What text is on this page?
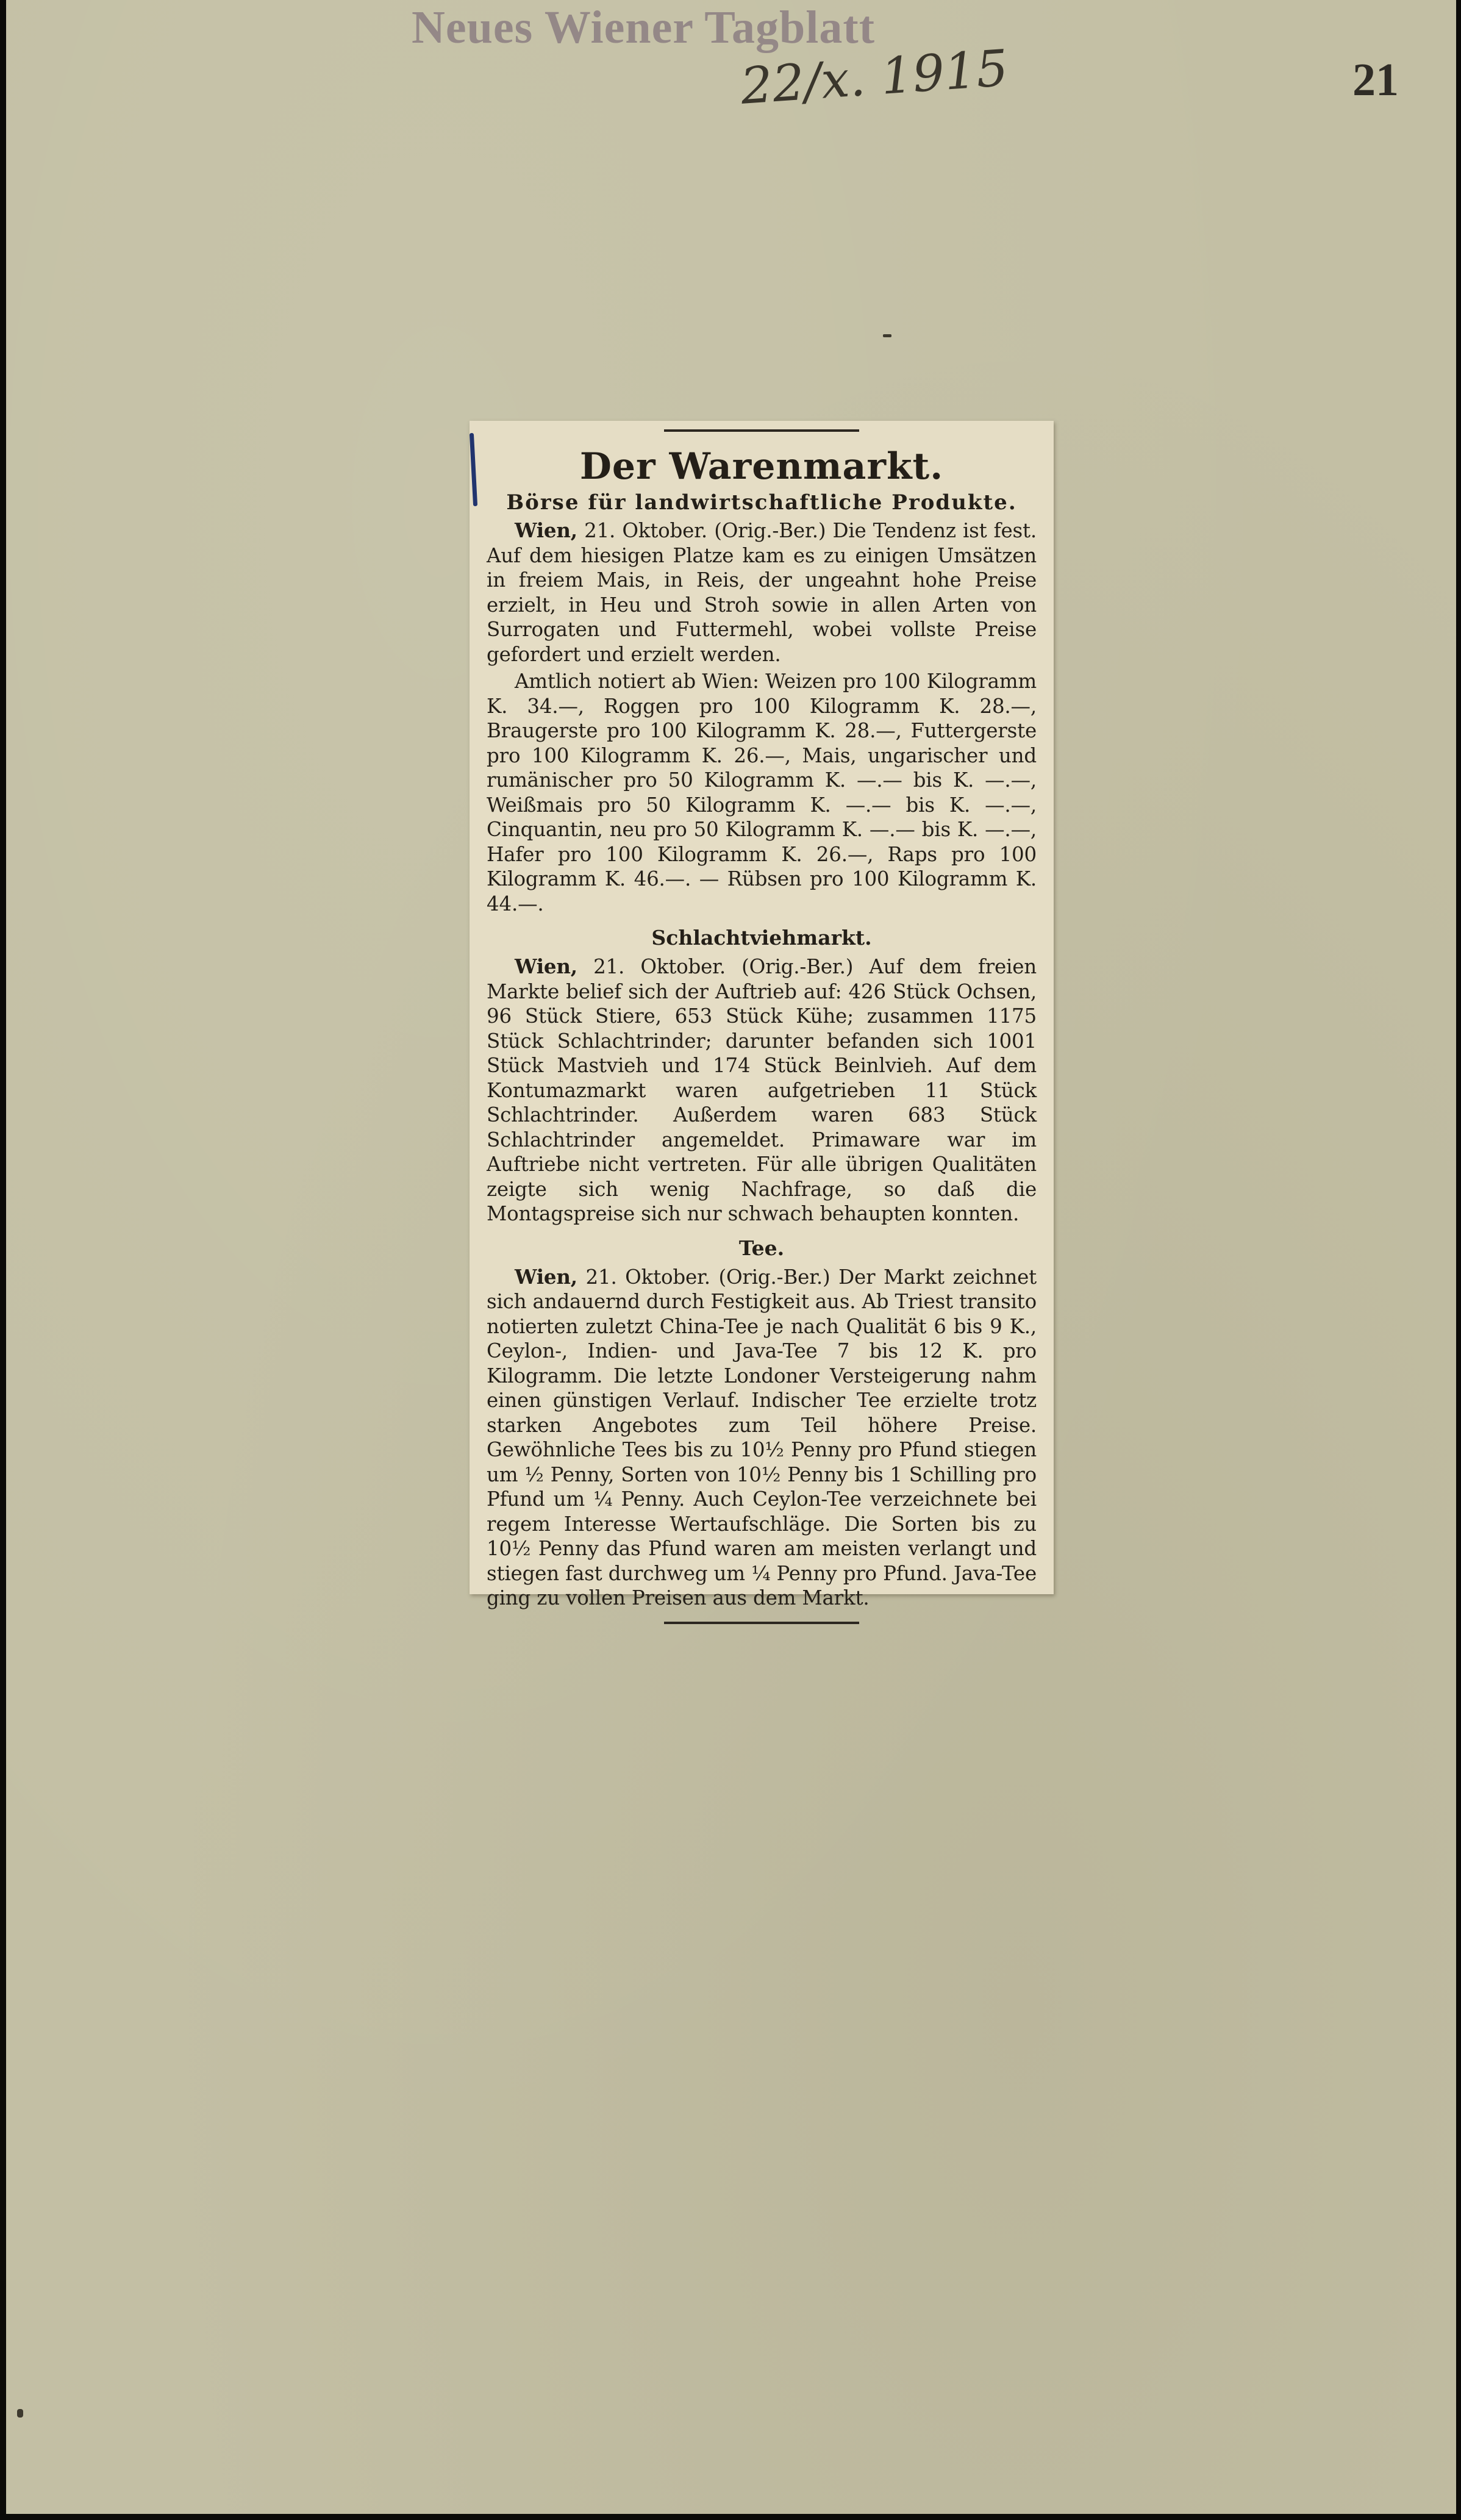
Neues Wiener Tagblatt
22/x. 1915	21
Der Warenmarkt.
Börse für landwirtschaftliche Produkte.

Wien, 21. Oktober. (Orig.-Ber.) Die Tendenz ist fest. Auf dem hiesigen Platze kam es zu einigen Umsätzen in freiem Mais, in Reis, der ungeahnt hohe Preise erzielt, in Heu und Stroh sowie in allen Arten von Surrogaten und Futtermehl, wobei vollste Preise gefordert und erzielt werden.

Amtlich notiert ab Wien: Weizen pro 100 Kilogramm K. 34.—, Roggen pro 100 Kilogramm K. 28.—, Braugerste pro 100 Kilogramm K. 28.—, Futtergerste pro 100 Kilogramm K. 26.—, Mais, ungarischer und rumänischer pro 50 Kilogramm K. —.— bis K. —.—, Weißmais pro 50 Kilogramm K. —.— bis K. —.—, Cinquantin, neu pro 50 Kilogramm K. —.— bis K. —.—, Hafer pro 100 Kilogramm K. 26.—, Raps pro 100 Kilogramm K. 46.—. — Rübsen pro 100 Kilogramm K. 44.—.

Schlachtviehmarkt.

Wien, 21. Oktober. (Orig.-Ber.) Auf dem freien Markte belief sich der Auftrieb auf: 426 Stück Ochsen, 96 Stück Stiere, 653 Stück Kühe; zusammen 1175 Stück Schlachtrinder; darunter befanden sich 1001 Stück Mastvieh und 174 Stück Beinlvieh. Auf dem Kontumazmarkt waren aufgetrieben 11 Stück Schlachtrinder. Außerdem waren 683 Stück Schlachtrinder angemeldet. Primaware war im Auftriebe nicht vertreten. Für alle übrigen Qualitäten zeigte sich wenig Nachfrage, so daß die Montagspreise sich nur schwach behaupten konnten.

Tee.

Wien, 21. Oktober. (Orig.-Ber.) Der Markt zeichnet sich andauernd durch Festigkeit aus. Ab Triest transito notierten zuletzt China-Tee je nach Qualität 6 bis 9 K., Ceylon-, Indien- und Java-Tee 7 bis 12 K. pro Kilogramm. Die letzte Londoner Versteigerung nahm einen günstigen Verlauf. Indischer Tee erzielte trotz starken Angebotes zum Teil höhere Preise. Gewöhnliche Tees bis zu 10½ Penny pro Pfund stiegen um ½ Penny, Sorten von 10½ Penny bis 1 Schilling pro Pfund um ¼ Penny. Auch Ceylon-Tee verzeichnete bei regem Interesse Wertaufschläge. Die Sorten bis zu 10½ Penny das Pfund waren am meisten verlangt und stiegen fast durchweg um ¼ Penny pro Pfund. Java-Tee ging zu vollen Preisen aus dem Markt.
